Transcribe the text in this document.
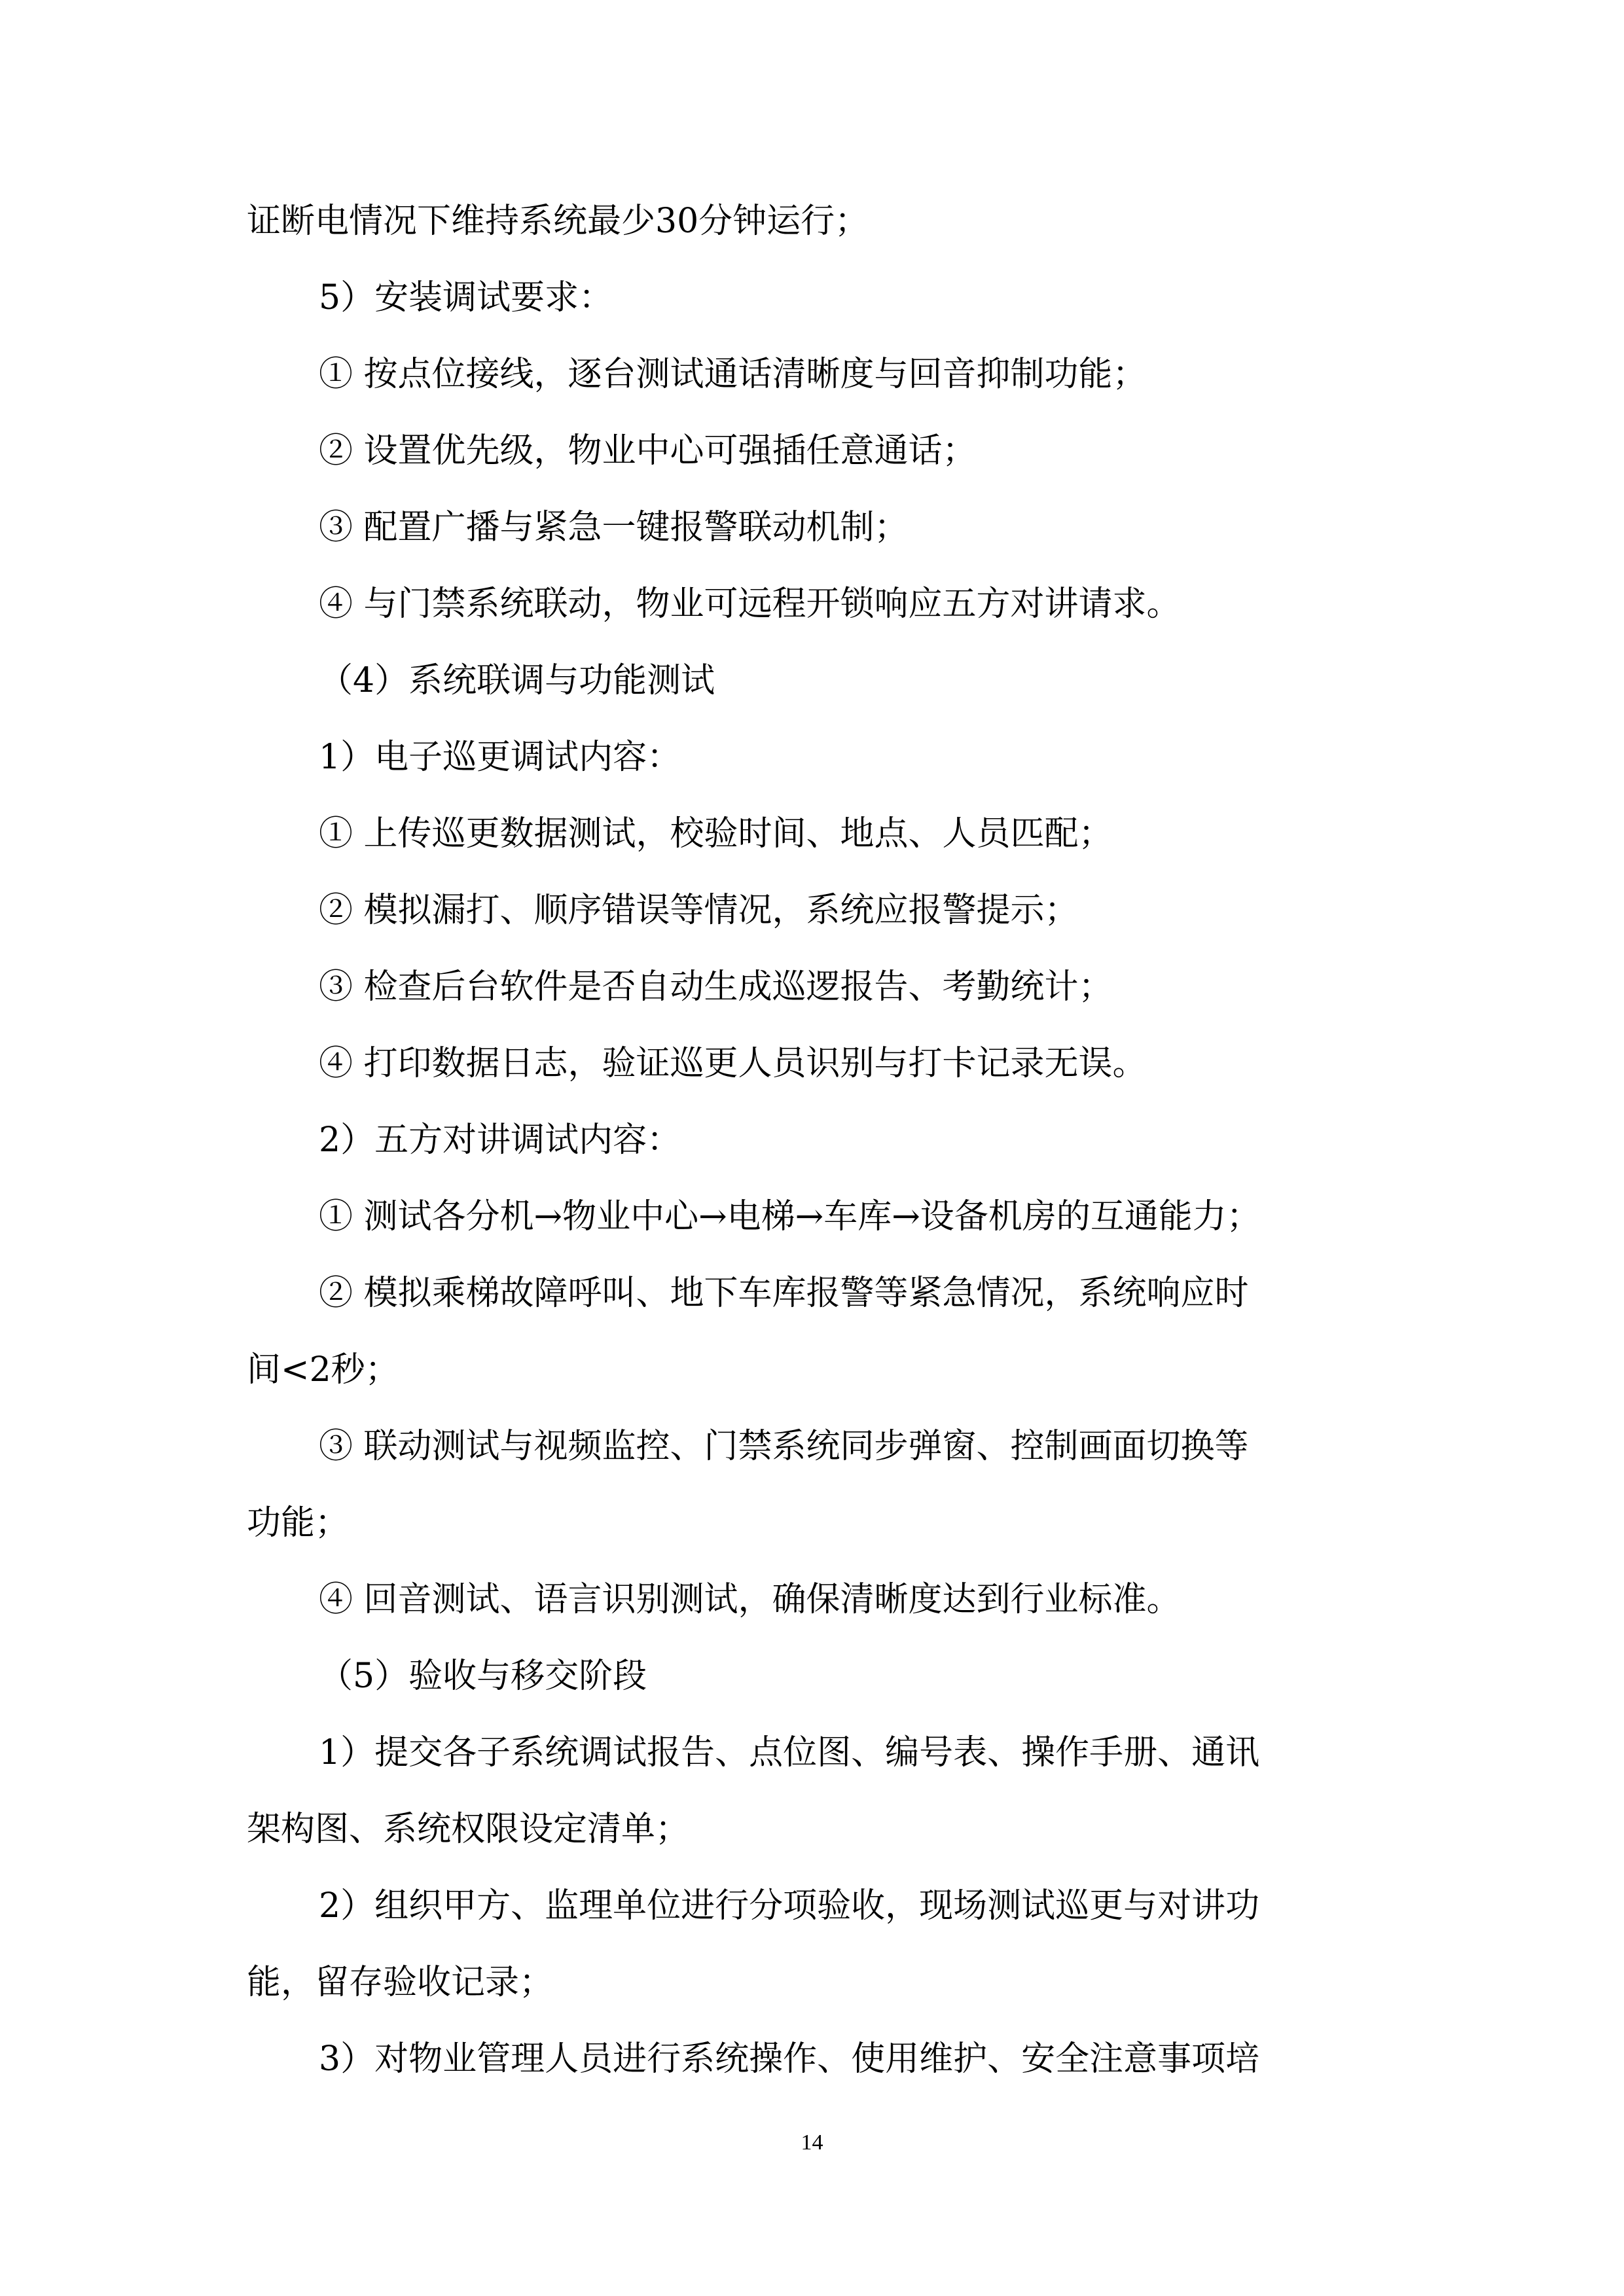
证断电情况下维持系统最少30分钟运行；
5）安装调试要求：
① 按点位接线，逐台测试通话清晰度与回音抑制功能；
② 设置优先级，物业中心可强插任意通话；
③ 配置广播与紧急一键报警联动机制；
④ 与门禁系统联动，物业可远程开锁响应五方对讲请求。
（4）系统联调与功能测试
1）电子巡更调试内容：
① 上传巡更数据测试，校验时间、地点、人员匹配；
② 模拟漏打、顺序错误等情况，系统应报警提示；
③ 检查后台软件是否自动生成巡逻报告、考勤统计；
④ 打印数据日志，验证巡更人员识别与打卡记录无误。
2）五方对讲调试内容：
① 测试各分机→物业中心→电梯→车库→设备机房的互通能力；
② 模拟乘梯故障呼叫、地下车库报警等紧急情况，系统响应时
间<2秒；
③ 联动测试与视频监控、门禁系统同步弹窗、控制画面切换等
功能；
④ 回音测试、语言识别测试，确保清晰度达到行业标准。
（5）验收与移交阶段
1）提交各子系统调试报告、点位图、编号表、操作手册、通讯
架构图、系统权限设定清单；
2）组织甲方、监理单位进行分项验收，现场测试巡更与对讲功
能，留存验收记录；
3）对物业管理人员进行系统操作、使用维护、安全注意事项培
14
